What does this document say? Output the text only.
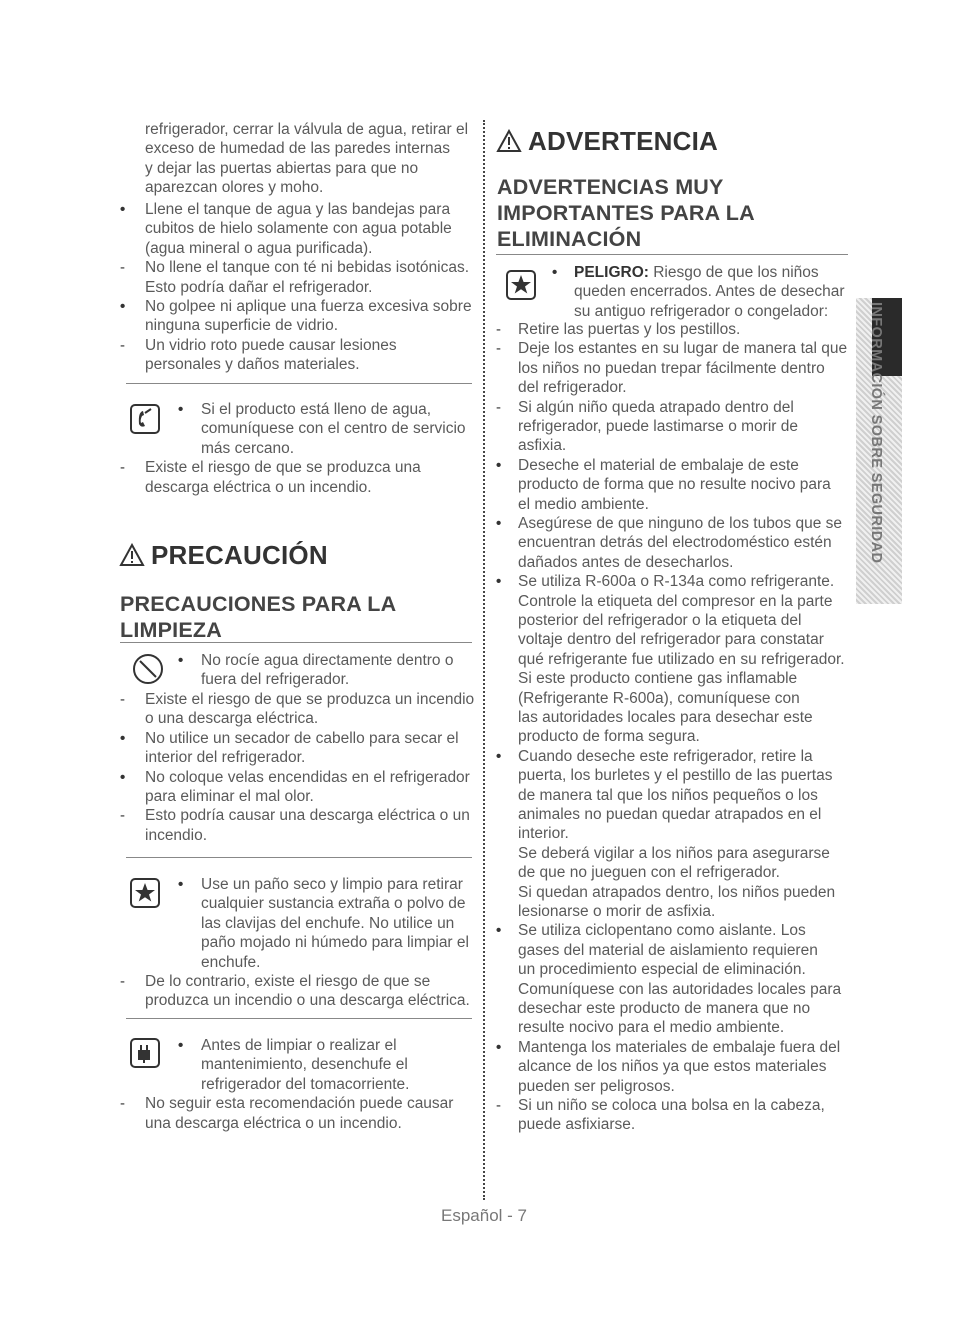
refrigerador, cerrar la válvula de agua, retirar el
exceso de humedad de las paredes internas
y dejar las puertas abiertas para que no
aparezcan olores y moho.
• Llene el tanque de agua y las bandejas para
cubitos de hielo solamente con agua potable
(agua mineral o agua purificada).
- No llene el tanque con té ni bebidas isotónicas.
Esto podría dañar el refrigerador.
• No golpee ni aplique una fuerza excesiva sobre
ninguna superficie de vidrio.
- Un vidrio roto puede causar lesiones
personales y daños materiales.
• Si el producto está lleno de agua,
comuníquese con el centro de servicio
más cercano.
- Existe el riesgo de que se produzca una
descarga eléctrica o un incendio.
PRECAUCIÓN
PRECAUCIONES PARA LA
LIMPIEZA
• No rocíe agua directamente dentro o
fuera del refrigerador.
- Existe el riesgo de que se produzca un incendio
o una descarga eléctrica.
• No utilice un secador de cabello para secar el
interior del refrigerador.
• No coloque velas encendidas en el refrigerador
para eliminar el mal olor.
- Esto podría causar una descarga eléctrica o un
incendio.
• Use un paño seco y limpio para retirar
cualquier sustancia extraña o polvo de
las clavijas del enchufe. No utilice un
paño mojado ni húmedo para limpiar el
enchufe.
- De lo contrario, existe el riesgo de que se
produzca un incendio o una descarga eléctrica.
• Antes de limpiar o realizar el
mantenimiento, desenchufe el
refrigerador del tomacorriente.
- No seguir esta recomendación puede causar
una descarga eléctrica o un incendio.
ADVERTENCIA
ADVERTENCIAS MUY
IMPORTANTES PARA LA
ELIMINACIÓN
• PELIGRO: Riesgo de que los niños
queden encerrados. Antes de desechar
su antiguo refrigerador o congelador:
- Retire las puertas y los pestillos.
- Deje los estantes en su lugar de manera tal que
los niños no puedan trepar fácilmente dentro
del refrigerador.
- Si algún niño queda atrapado dentro del
refrigerador, puede lastimarse o morir de
asfixia.
• Deseche el material de embalaje de este
producto de forma que no resulte nocivo para
el medio ambiente.
• Asegúrese de que ninguno de los tubos que se
encuentran detrás del electrodoméstico estén
dañados antes de desecharlos.
• Se utiliza R-600a o R-134a como refrigerante.
Controle la etiqueta del compresor en la parte
posterior del refrigerador o la etiqueta del
voltaje dentro del refrigerador para constatar
qué refrigerante fue utilizado en su refrigerador.
Si este producto contiene gas inflamable
(Refrigerante R-600a), comuníquese con
las autoridades locales para desechar este
producto de forma segura.
• Cuando deseche este refrigerador, retire la
puerta, los burletes y el pestillo de las puertas
de manera tal que los niños pequeños o los
animales no puedan quedar atrapados en el
interior.
Se deberá vigilar a los niños para asegurarse
de que no jueguen con el refrigerador.
Si quedan atrapados dentro, los niños pueden
lesionarse o morir de asfixia.
• Se utiliza ciclopentano como aislante. Los
gases del material de aislamiento requieren
un procedimiento especial de eliminación.
Comuníquese con las autoridades locales para
desechar este producto de manera que no
resulte nocivo para el medio ambiente.
• Mantenga los materiales de embalaje fuera del
alcance de los niños ya que estos materiales
pueden ser peligrosos.
- Si un niño se coloca una bolsa en la cabeza,
puede asfixiarse.
INFORMACIÓN SOBRE SEGURIDAD
Español - 7
